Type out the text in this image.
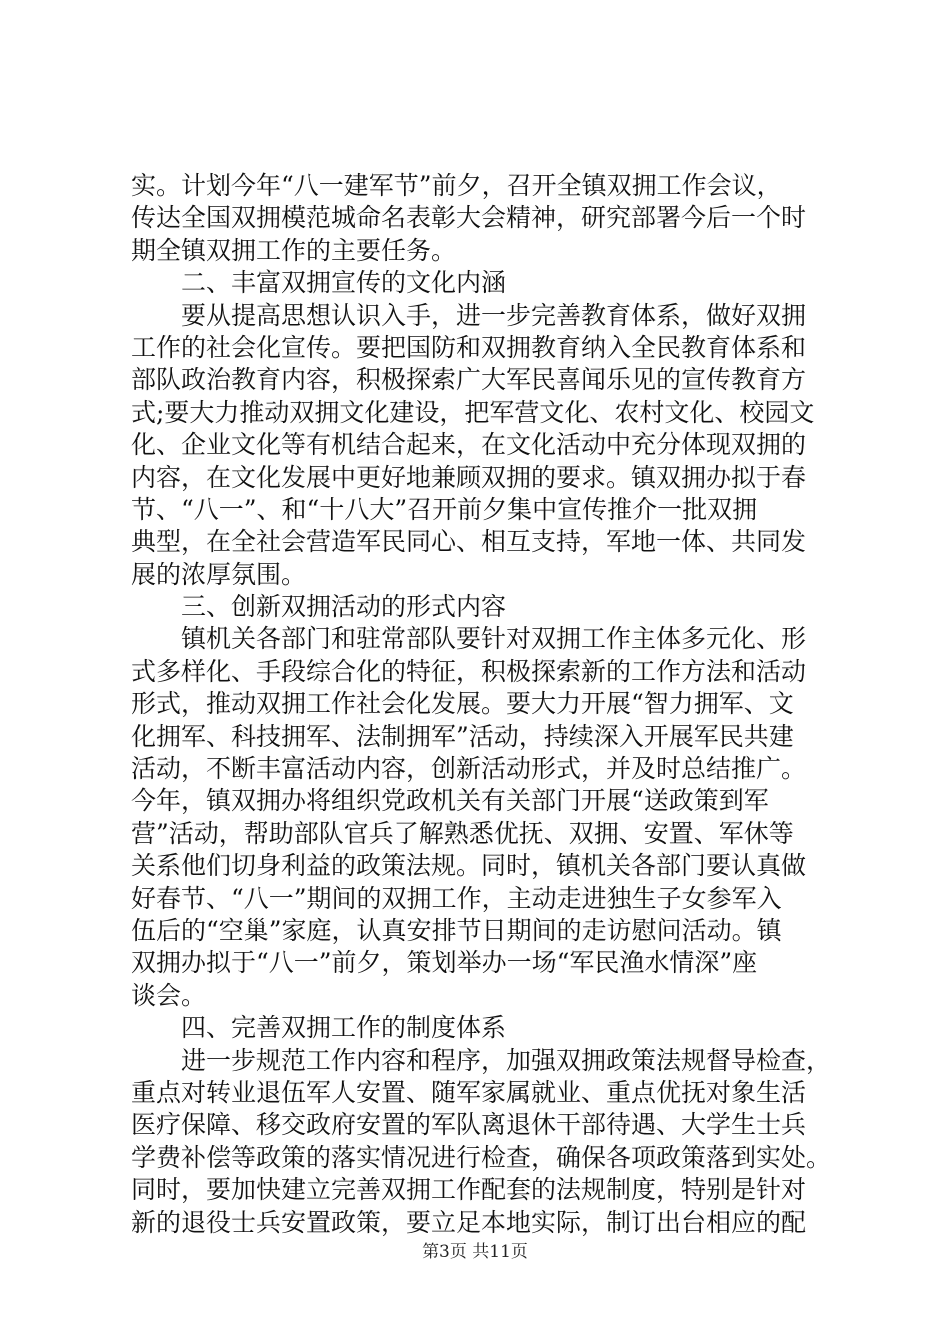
实。计划今年“八一建军节”前夕，召开全镇双拥工作会议，
传达全国双拥模范城命名表彰大会精神，研究部署今后一个时
期全镇双拥工作的主要任务。
二、丰富双拥宣传的文化内涵
要从提高思想认识入手，进一步完善教育体系，做好双拥
工作的社会化宣传。要把国防和双拥教育纳入全民教育体系和
部队政治教育内容，积极探索广大军民喜闻乐见的宣传教育方
式;要大力推动双拥文化建设，把军营文化、农村文化、校园文
化、企业文化等有机结合起来，在文化活动中充分体现双拥的
内容，在文化发展中更好地兼顾双拥的要求。镇双拥办拟于春
节、“八一”、和“十八大”召开前夕集中宣传推介一批双拥
典型，在全社会营造军民同心、相互支持，军地一体、共同发
展的浓厚氛围。
三、创新双拥活动的形式内容
镇机关各部门和驻常部队要针对双拥工作主体多元化、形
式多样化、手段综合化的特征，积极探索新的工作方法和活动
形式，推动双拥工作社会化发展。要大力开展“智力拥军、文
化拥军、科技拥军、法制拥军”活动，持续深入开展军民共建
活动，不断丰富活动内容，创新活动形式，并及时总结推广。
今年，镇双拥办将组织党政机关有关部门开展“送政策到军
营”活动，帮助部队官兵了解熟悉优抚、双拥、安置、军休等
关系他们切身利益的政策法规。同时，镇机关各部门要认真做
好春节、“八一”期间的双拥工作，主动走进独生子女参军入
伍后的“空巢”家庭，认真安排节日期间的走访慰问活动。镇
双拥办拟于“八一”前夕，策划举办一场“军民渔水情深”座
谈会。
四、完善双拥工作的制度体系
进一步规范工作内容和程序，加强双拥政策法规督导检查，
重点对转业退伍军人安置、随军家属就业、重点优抚对象生活
医疗保障、移交政府安置的军队离退休干部待遇、大学生士兵
学费补偿等政策的落实情况进行检查，确保各项政策落到实处。
同时，要加快建立完善双拥工作配套的法规制度，特别是针对
新的退役士兵安置政策，要立足本地实际，制订出台相应的配
第3页 共11页
